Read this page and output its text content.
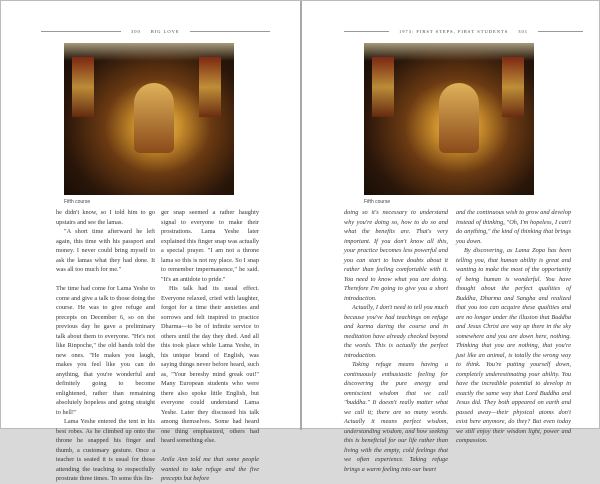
300 BIG LOVE	1973: FIRST STEPS, FIRST STUDENTS 301
Fifth course	Fifth course

he didn't know, so I told him to go upstairs and see the lamas.

"A short time afterward he left again, this time with his passport and money. I never could bring myself to ask the lamas what they had done. It was all too much for me."

The time had come for Lama Yeshe to come and give a talk to those doing the course. He was to give refuge and precepts on December 6, so on the previous day he gave a preliminary talk about them to everyone. "He's not like Rinpoche," the old hands told the new ones. "He makes you laugh, makes you feel like you can do anything, that you're wonderful and definitely going to become enlightened, rather than remaining absolutely hopeless and going straight to hell!"

Lama Yeshe entered the tent in his best robes. As he climbed up onto the throne he snapped his finger and thumb, a customary gesture. Once a teacher is seated it is usual for those attending the teaching to respectfully prostrate three times. To some this fin-

ger snap seemed a rather haughty signal to everyone to make their prostrations. Lama Yeshe later explained this finger snap was actually a special prayer. "I am not a throne lama so this is not my place. So I snap to remember impermanence," he said. "It's an antidote to pride."

His talk had its usual effect. Everyone relaxed, cried with laughter, forgot for a time their anxieties and sorrows and felt inspired to practice Dharma—to be of infinite service to others until the day they died. And all this took place while Lama Yeshe, in his unique brand of English, was saying things never before heard, such as, "Your bereshy mind greak out!" Many European students who were there also spoke little English, but everyone could understand Lama Yeshe. Later they discussed his talk among themselves. Some had heard one thing emphasized, others had heard something else.

Anila Ann told me that some people wanted to take refuge and the five precepts but before

doing so it's necessary to understand why you're doing so, how to do so and what the benefits are. That's very important. If you don't know all this, your practice becomes less powerful and you can start to have doubts about it rather than feeling comfortable with it. You need to know what you are doing. Therefore I'm going to give you a short introduction.

Actually, I don't need to tell you much because you've had teachings on refuge and karma during the course and in meditation have already checked beyond the words. This is actually the perfect introduction.

Taking refuge means having a continuously enthusiastic feeling for discovering the pure energy and omniscient wisdom that we call "buddha." It doesn't really matter what we call it; there are so many words. Actually it means perfect wisdom, understanding wisdom, and how seeking this is beneficial for our life rather than living with the empty, cold feelings that we often experience. Taking refuge brings a warm feeling into our heart

and the continuous wish to grow and develop instead of thinking, "Oh, I'm hopeless, I can't do anything," the kind of thinking that brings you down.

By discovering, as Lama Zopa has been telling you, that human ability is great and wanting to make the most of the opportunity of being human is wonderful. You have thought about the perfect qualities of Buddha, Dharma and Sangha and realized that you too can acquire these qualities and are no longer under the illusion that Buddha and Jesus Christ are way up there in the sky somewhere and you are down here, nothing. Thinking that you are nothing, that you're just like an animal, is totally the wrong way to think. You're putting yourself down, completely underestimating your ability. You have the incredible potential to develop in exactly the same way that Lord Buddha and Jesus did. They both appeared on earth and passed away—their physical atoms don't exist here anymore, do they? But even today we still enjoy their wisdom light, power and compassion.
